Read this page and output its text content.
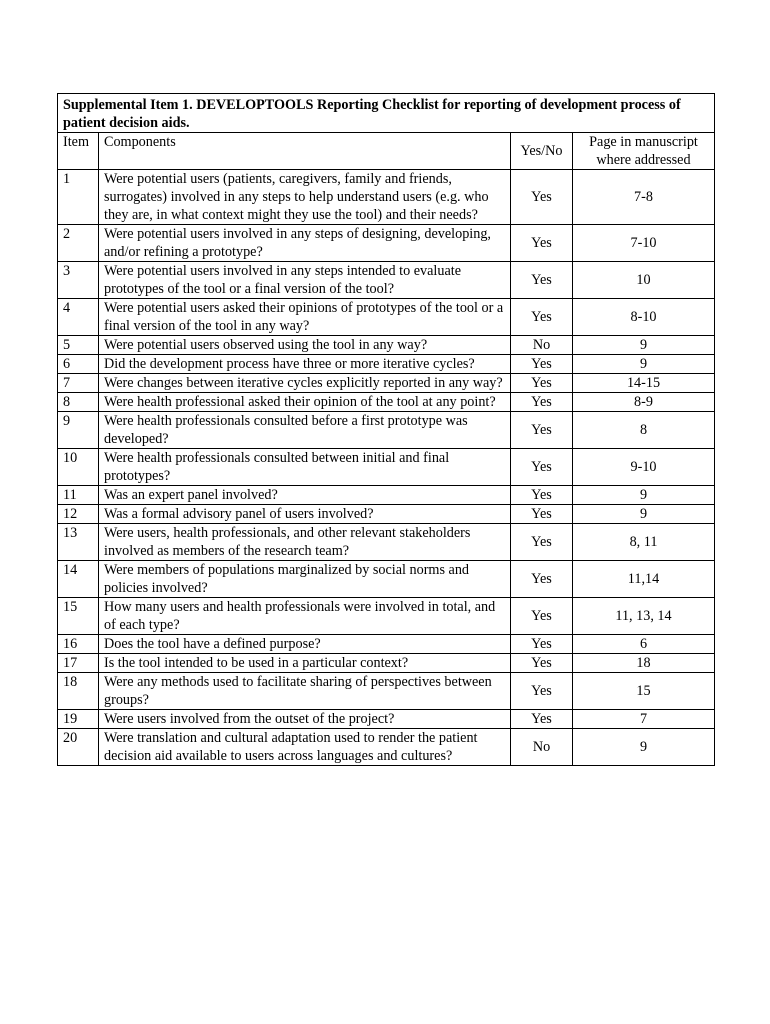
Supplemental Item 1. DEVELOPTOOLS Reporting Checklist for reporting of development process of patient decision aids.			
Item	Components	Yes/No	Page in manuscript where addressed
1	Were potential users (patients, caregivers, family and friends, surrogates) involved in any steps to help understand users (e.g. who they are, in what context might they use the tool) and their needs?	Yes	7-8
2	Were potential users involved in any steps of designing, developing, and/or refining a prototype?	Yes	7-10
3	Were potential users involved in any steps intended to evaluate prototypes of the tool or a final version of the tool?	Yes	10
4	Were potential users asked their opinions of prototypes of the tool or a final version of the tool in any way?	Yes	8-10
5	Were potential users observed using the tool in any way?	No	9
6	Did the development process have three or more iterative cycles?	Yes	9
7	Were changes between iterative cycles explicitly reported in any way?	Yes	14-15
8	Were health professional asked their opinion of the tool at any point?	Yes	8-9
9	Were health professionals consulted before a first prototype was developed?	Yes	8
10	Were health professionals consulted between initial and final prototypes?	Yes	9-10
11	Was an expert panel involved?	Yes	9
12	Was a formal advisory panel of users involved?	Yes	9
13	Were users, health professionals, and other relevant stakeholders involved as members of the research team?	Yes	8, 11
14	Were members of populations marginalized by social norms and policies involved?	Yes	11,14
15	How many users and health professionals were involved in total, and of each type?	Yes	11, 13, 14
16	Does the tool have a defined purpose?	Yes	6
17	Is the tool intended to be used in a particular context?	Yes	18
18	Were any methods used to facilitate sharing of perspectives between groups?	Yes	15
19	Were users involved from the outset of the project?	Yes	7
20	Were translation and cultural adaptation used to render the patient decision aid available to users across languages and cultures?	No	9
